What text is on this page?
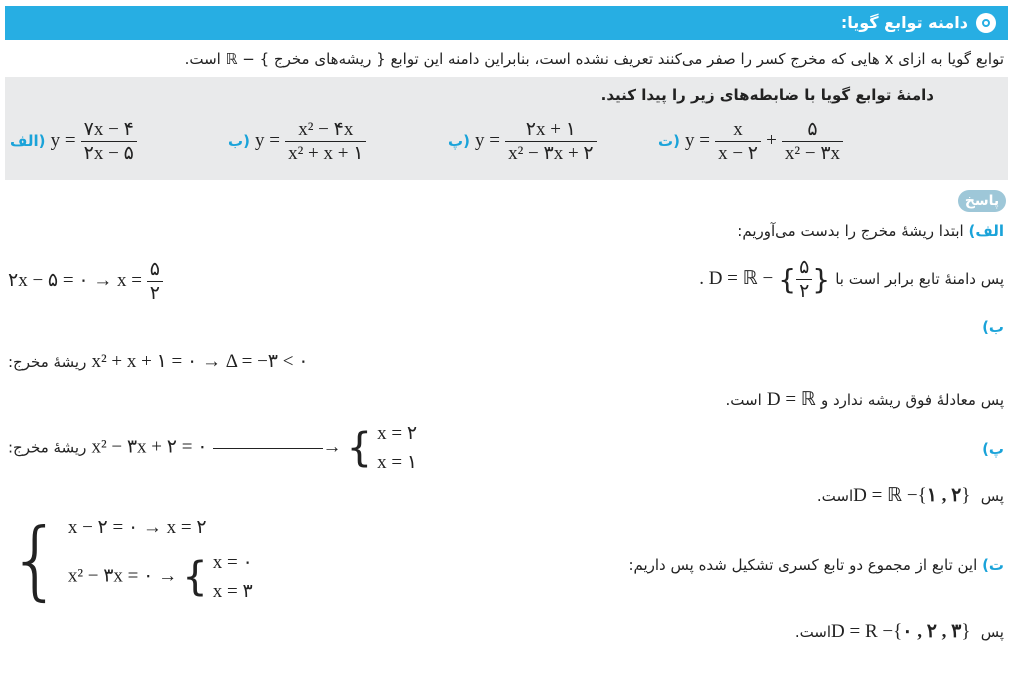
دامنه توابع گویا:
توابع گویا به ازای x هایی که مخرج کسر را صفر می‌کنند تعریف نشده است، بنابراین دامنه این توابع { ریشه‌های مخرج } − ℝ است.
دامنهٔ توابع گویا با ضابطه‌های زیر را پیدا کنید.
الف) $y = \frac{۷x - ۴}{۲x - ۵}$	ب) $y = \frac{\text{x² − ۴x}}{\text{x² + x + ۱}}$	پ) $y = \frac{۲x + ۱}{\text{x² − ۳x + ۲}}$	ت) $y = \frac{x}{x - ۲} + \frac{۵}{\text{x² − ۳x}}$
پاسخ
الف) ابتدا ریشهٔ مخرج را بدست می‌آوریم:
۲x − ۵ = ۰ → $x = \frac{۵}{۲}$	. D = ℝ − { $\frac{۵}{۲}$ } پس دامنهٔ تابع برابر است با
ب)
ریشهٔ مخرج: x² + x + ۱ = ۰ → Δ = −۳ < ۰
پس معادلهٔ فوق ریشه ندارد و D = ℝ است.
ریشهٔ مخرج: x² − ۳x + ۲ = ۰	→ { x = ۲
x = ۱
پ)
پس D = ℝ −{۱ , ۲} است.
{ x − ۲ = ۰ → x = ۲
x² − ۳x = ۰ → { x = ۰
x = ۳
ت) این تابع از مجموع دو تابع کسری تشکیل شده پس داریم:
پس D = R −{۰ , ۲ , ۳} است.
